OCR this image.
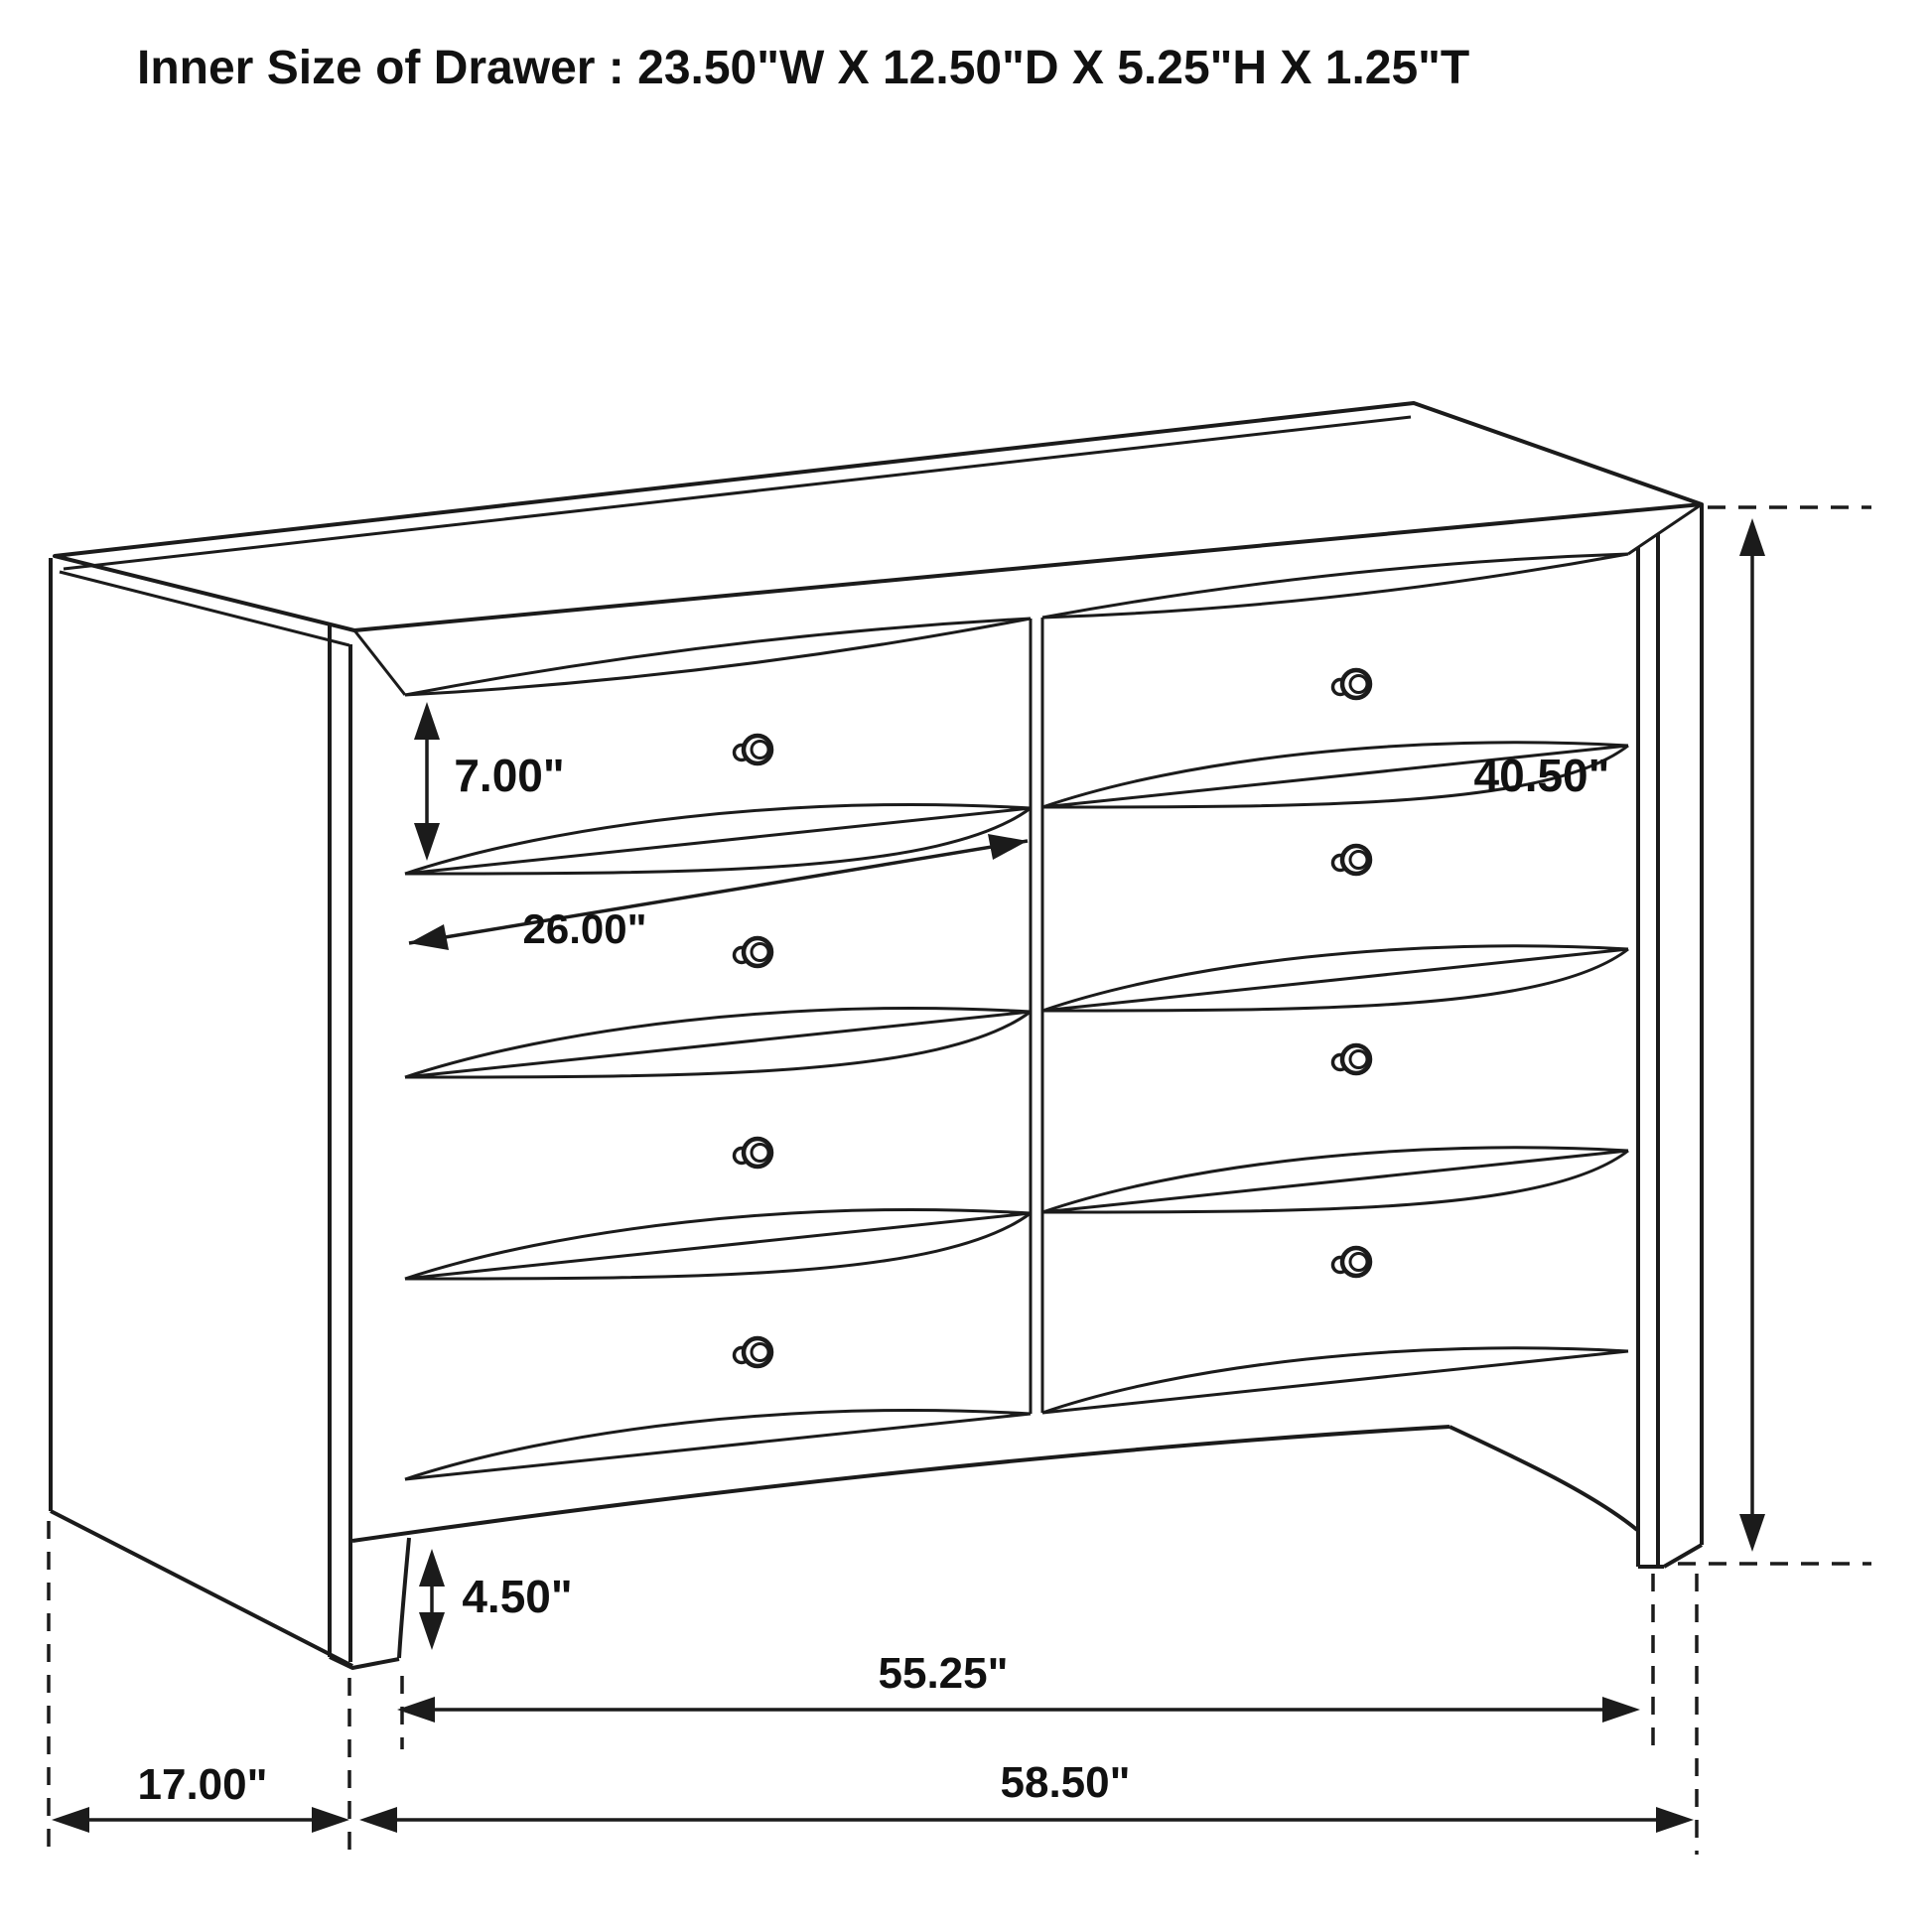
Inner Size of Drawer : 23.50"W X 12.50"D X 5.25"H X 1.25"T
7.00"
26.00"
40.50"
4.50"
55.25"
17.00"	58.50"
